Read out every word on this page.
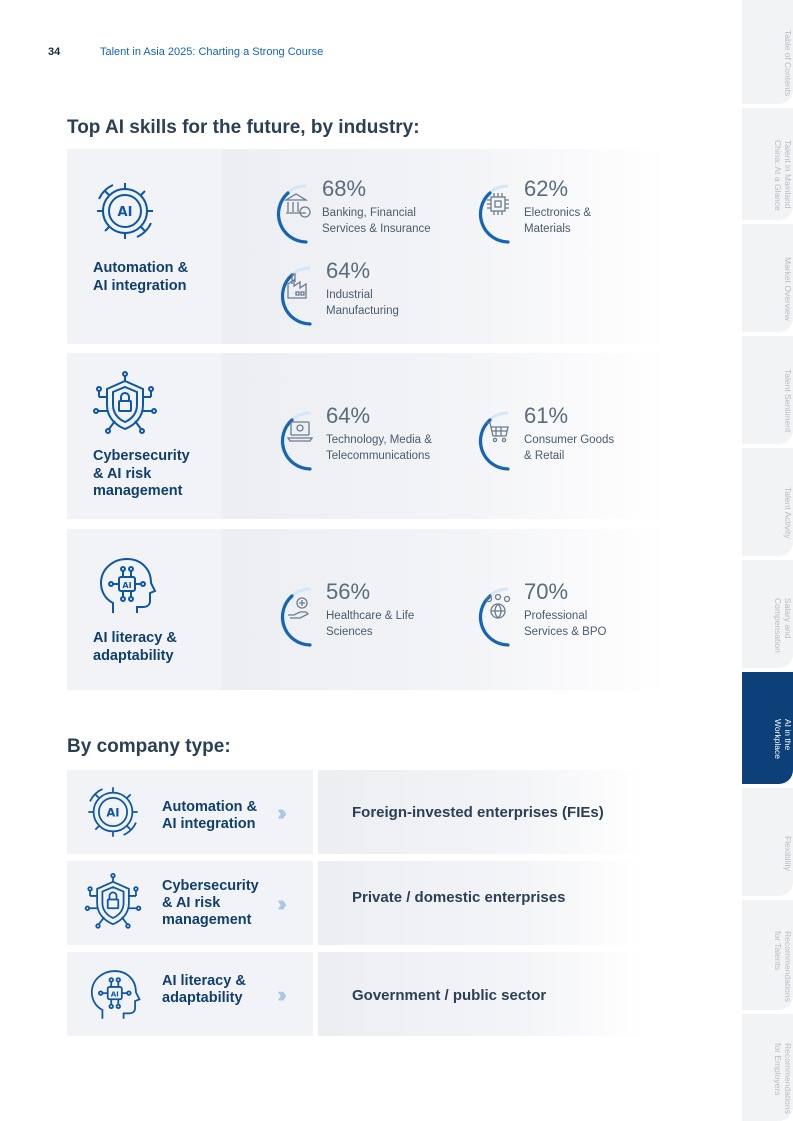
34	Talent in Asia 2025: Charting a Strong Course
Top AI skills for the future, by industry:
Automation &
AI integration
68%
Banking, Financial
Services & Insurance
62%
Electronics &
Materials
64%
Industrial
Manufacturing
Cybersecurity
& AI risk
management
64%
Technology, Media &
Telecommunications
61%
Consumer Goods
& Retail
AI literacy &
adaptability
56%
Healthcare & Life
Sciences
70%
Professional
Services & BPO
By company type:
Automation &
AI integration ›››	Foreign-invested enterprises (FIEs)
Cybersecurity
& AI risk
management
›››	Private / domestic enterprises
AI literacy &
adaptability ›››	Government / public sector
Table of Contents
Talent in Mainland
China: At a Glance
Market Overview
Talent Sentiment
Talent Activity
Salary and
Compensation
AI in the
Workplace
Flexibility
Recommendations
for Talents
Recommendations
for Employers
